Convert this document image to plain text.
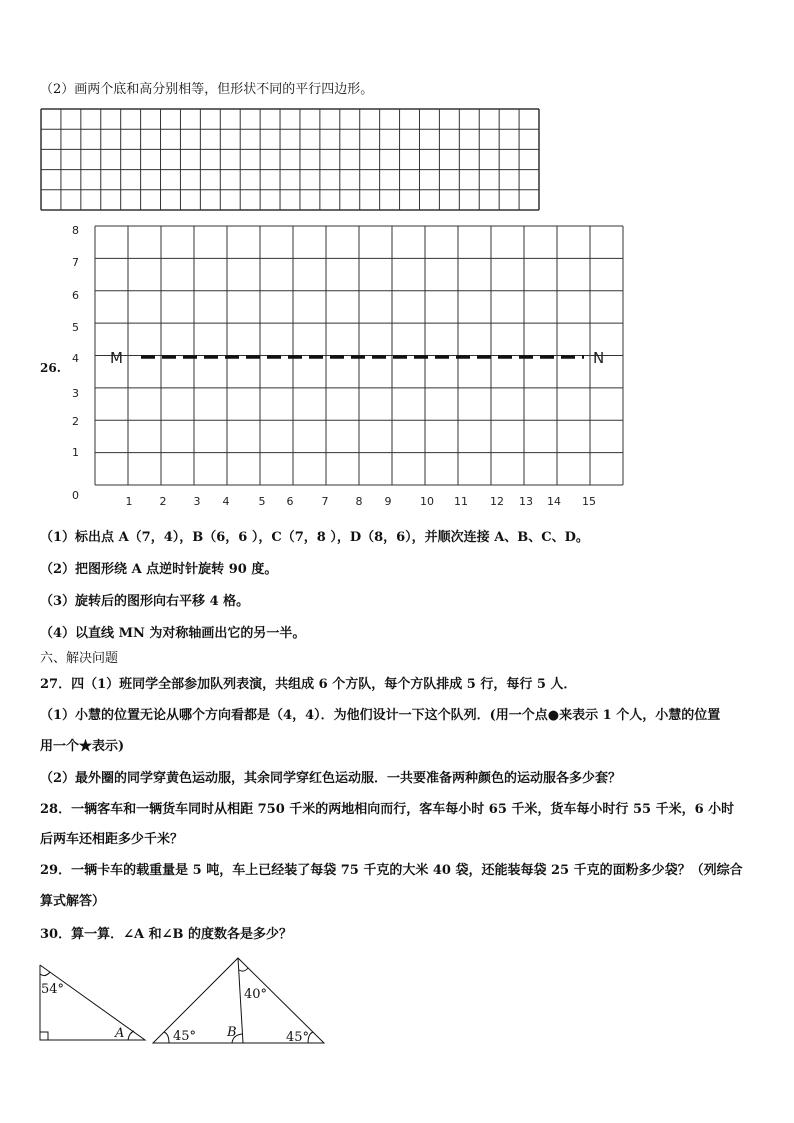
（2）画两个底和高分别相等，但形状不同的平行四边形。
0
1
2
3
4
5
6
7
8
1 2 3 4	5 6	7 8 9	10 11 12 13 14 15
M	N
26.
54°
A
40°
45°	45°
B
（1）标出点 A（7，4），B（6，6 ），C（7，8 ），D（8，6），并顺次连接 A、B、C、D。
（2）把图形绕 A 点逆时针旋转 90 度。
（3）旋转后的图形向右平移 4 格。
（4）以直线 MN 为对称轴画出它的另一半。
六、解决问题
27．四（1）班同学全部参加队列表演，共组成 6 个方队，每个方队排成 5 行，每行 5 人．
（1）小慧的位置无论从哪个方向看都是（4，4）．为他们设计一下这个队列．(用一个点●来表示 1 个人，小慧的位置
用一个★表示)
（2）最外圈的同学穿黄色运动服，其余同学穿红色运动服．一共要准备两种颜色的运动服各多少套？
28．一辆客车和一辆货车同时从相距 750 千米的两地相向而行，客车每小时 65 千米，货车每小时行 55 千米，6 小时
后两车还相距多少千米？
29．一辆卡车的载重量是 5 吨，车上已经装了每袋 75 千克的大米 40 袋，还能装每袋 25 千克的面粉多少袋？（列综合
算式解答）
30．算一算．∠A 和∠B 的度数各是多少？
